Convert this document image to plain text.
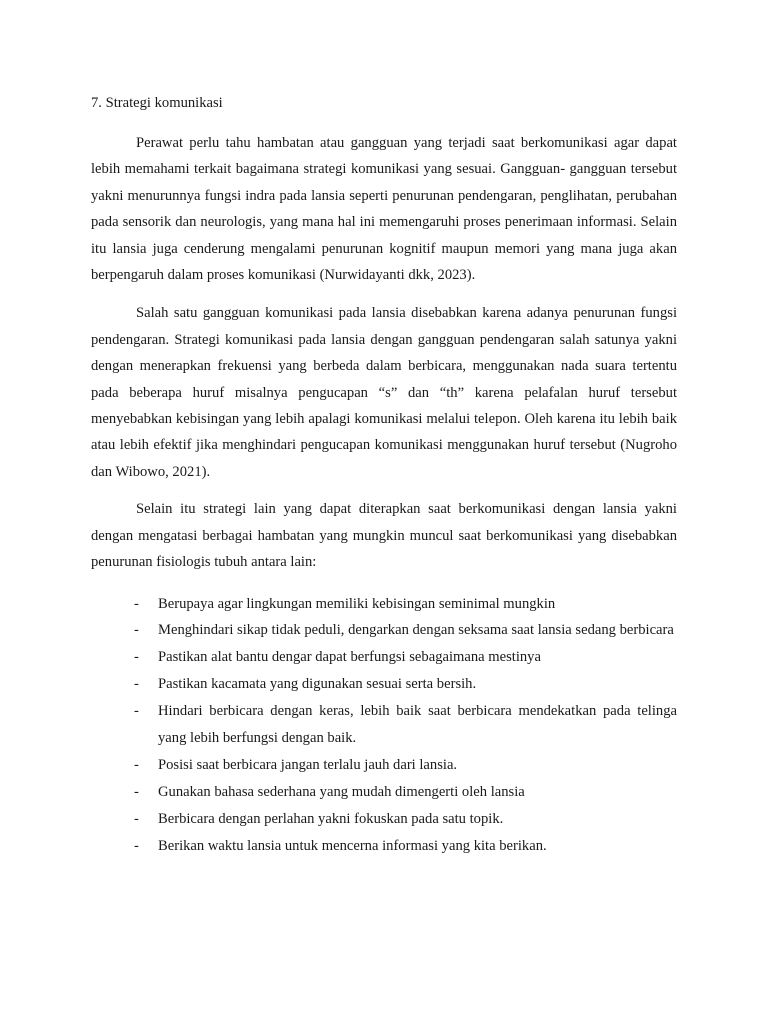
7. Strategi komunikasi

Perawat perlu tahu hambatan atau gangguan yang terjadi saat berkomunikasi agar dapat lebih memahami terkait bagaimana strategi komunikasi yang sesuai. Gangguan- gangguan tersebut yakni menurunnya fungsi indra pada lansia seperti penurunan pendengaran, penglihatan, perubahan pada sensorik dan neurologis, yang mana hal ini memengaruhi proses penerimaan informasi. Selain itu lansia juga cenderung mengalami penurunan kognitif maupun memori yang mana juga akan berpengaruh dalam proses komunikasi (Nurwidayanti dkk, 2023).

Salah satu gangguan komunikasi pada lansia disebabkan karena adanya penurunan fungsi pendengaran. Strategi komunikasi pada lansia dengan gangguan pendengaran salah satunya yakni dengan menerapkan frekuensi yang berbeda dalam berbicara, menggunakan nada suara tertentu pada beberapa huruf misalnya pengucapan “s” dan “th” karena pelafalan huruf tersebut menyebabkan kebisingan yang lebih apalagi komunikasi melalui telepon. Oleh karena itu lebih baik atau lebih efektif jika menghindari pengucapan komunikasi menggunakan huruf tersebut (Nugroho dan Wibowo, 2021).

Selain itu strategi lain yang dapat diterapkan saat berkomunikasi dengan lansia yakni dengan mengatasi berbagai hambatan yang mungkin muncul saat berkomunikasi yang disebabkan penurunan fisiologis tubuh antara lain:

- Berupaya agar lingkungan memiliki kebisingan seminimal mungkin
- Menghindari sikap tidak peduli, dengarkan dengan seksama saat lansia sedang berbicara
- Pastikan alat bantu dengar dapat berfungsi sebagaimana mestinya
- Pastikan kacamata yang digunakan sesuai serta bersih.
- Hindari berbicara dengan keras, lebih baik saat berbicara mendekatkan pada telinga yang lebih berfungsi dengan baik.
- Posisi saat berbicara jangan terlalu jauh dari lansia.
- Gunakan bahasa sederhana yang mudah dimengerti oleh lansia
- Berbicara dengan perlahan yakni fokuskan pada satu topik.
- Berikan waktu lansia untuk mencerna informasi yang kita berikan.
